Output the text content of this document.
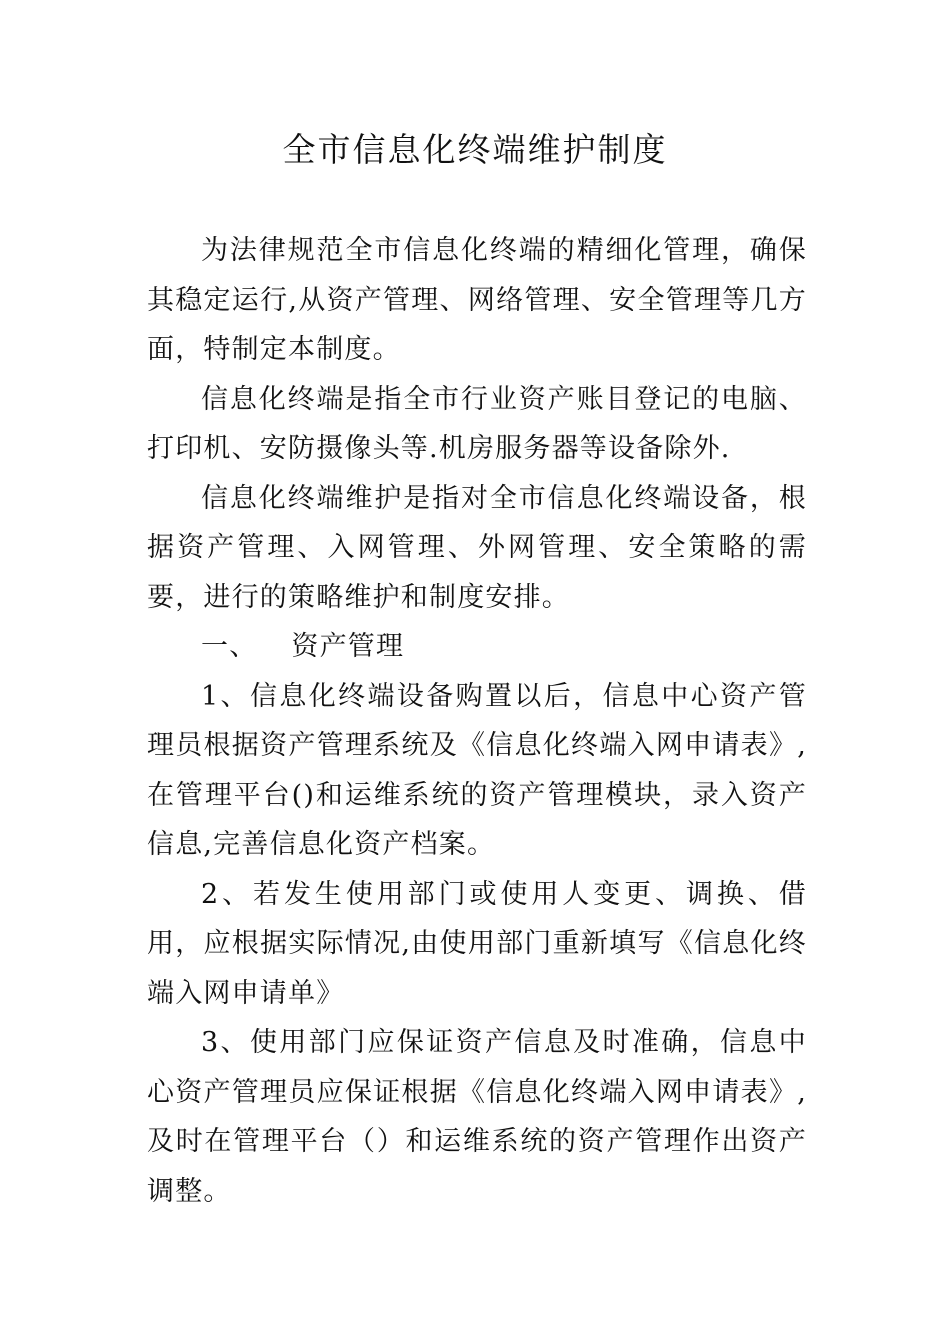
全市信息化终端维护制度

为法律规范全市信息化终端的精细化管理，确保其稳定运行,从资产管理、网络管理、安全管理等几方面，特制定本制度。

信息化终端是指全市行业资产账目登记的电脑、打印机、安防摄像头等.机房服务器等设备除外.

信息化终端维护是指对全市信息化终端设备，根据资产管理、入网管理、外网管理、安全策略的需要，进行的策略维护和制度安排。

一、 资产管理

1、信息化终端设备购置以后，信息中心资产管理员根据资产管理系统及《信息化终端入网申请表》,在管理平台()和运维系统的资产管理模块，录入资产信息,完善信息化资产档案。

2、若发生使用部门或使用人变更、调换、借用，应根据实际情况,由使用部门重新填写《信息化终端入网申请单》

3、使用部门应保证资产信息及时准确，信息中心资产管理员应保证根据《信息化终端入网申请表》,及时在管理平台（）和运维系统的资产管理作出资产调整。
